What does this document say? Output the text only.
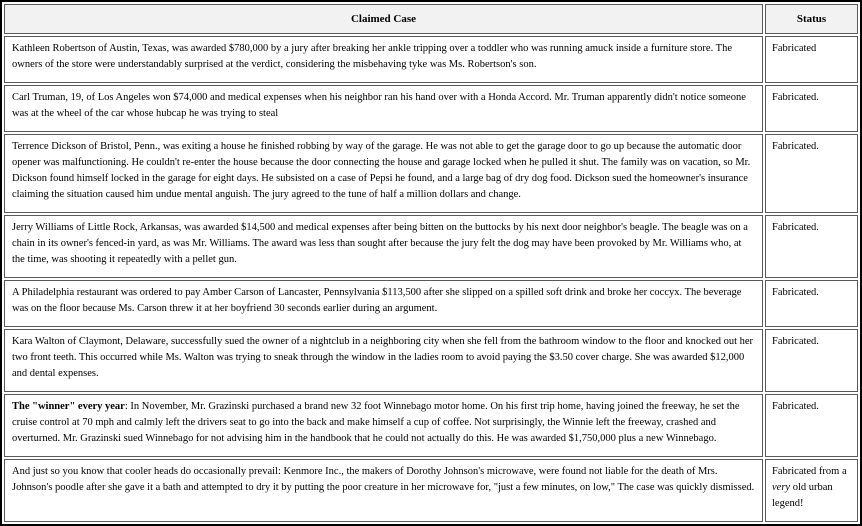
Claimed Case	Status
Kathleen Robertson of Austin, Texas, was awarded $780,000 by a jury after breaking her ankle tripping over a toddler who was running amuck inside a furniture store. The owners of the store were understandably surprised at the verdict, considering the misbehaving tyke was Ms. Robertson's son.	Fabricated
Carl Truman, 19, of Los Angeles won $74,000 and medical expenses when his neighbor ran his hand over with a Honda Accord. Mr. Truman apparently didn't notice someone was at the wheel of the car whose hubcap he was trying to steal	Fabricated.
Terrence Dickson of Bristol, Penn., was exiting a house he finished robbing by way of the garage. He was not able to get the garage door to go up because the automatic door opener was malfunctioning. He couldn't re-enter the house because the door connecting the house and garage locked when he pulled it shut. The family was on vacation, so Mr. Dickson found himself locked in the garage for eight days. He subsisted on a case of Pepsi he found, and a large bag of dry dog food. Dickson sued the homeowner's insurance claiming the situation caused him undue mental anguish. The jury agreed to the tune of half a million dollars and change.	Fabricated.
Jerry Williams of Little Rock, Arkansas, was awarded $14,500 and medical expenses after being bitten on the buttocks by his next door neighbor's beagle. The beagle was on a chain in its owner's fenced-in yard, as was Mr. Williams. The award was less than sought after because the jury felt the dog may have been provoked by Mr. Williams who, at the time, was shooting it repeatedly with a pellet gun.	Fabricated.
A Philadelphia restaurant was ordered to pay Amber Carson of Lancaster, Pennsylvania $113,500 after she slipped on a spilled soft drink and broke her coccyx. The beverage was on the floor because Ms. Carson threw it at her boyfriend 30 seconds earlier during an argument.	Fabricated.
Kara Walton of Claymont, Delaware, successfully sued the owner of a nightclub in a neighboring city when she fell from the bathroom window to the floor and knocked out her two front teeth. This occurred while Ms. Walton was trying to sneak through the window in the ladies room to avoid paying the $3.50 cover charge. She was awarded $12,000 and dental expenses.	Fabricated.
The "winner" every year: In November, Mr. Grazinski purchased a brand new 32 foot Winnebago motor home. On his first trip home, having joined the freeway, he set the cruise control at 70 mph and calmly left the drivers seat to go into the back and make himself a cup of coffee. Not surprisingly, the Winnie left the freeway, crashed and overturned. Mr. Grazinski sued Winnebago for not advising him in the handbook that he could not actually do this. He was awarded $1,750,000 plus a new Winnebago.	Fabricated.
And just so you know that cooler heads do occasionally prevail: Kenmore Inc., the makers of Dorothy Johnson's microwave, were found not liable for the death of Mrs. Johnson's poodle after she gave it a bath and attempted to dry it by putting the poor creature in her microwave for, "just a few minutes, on low," The case was quickly dismissed.	Fabricated from a very old urban legend!
